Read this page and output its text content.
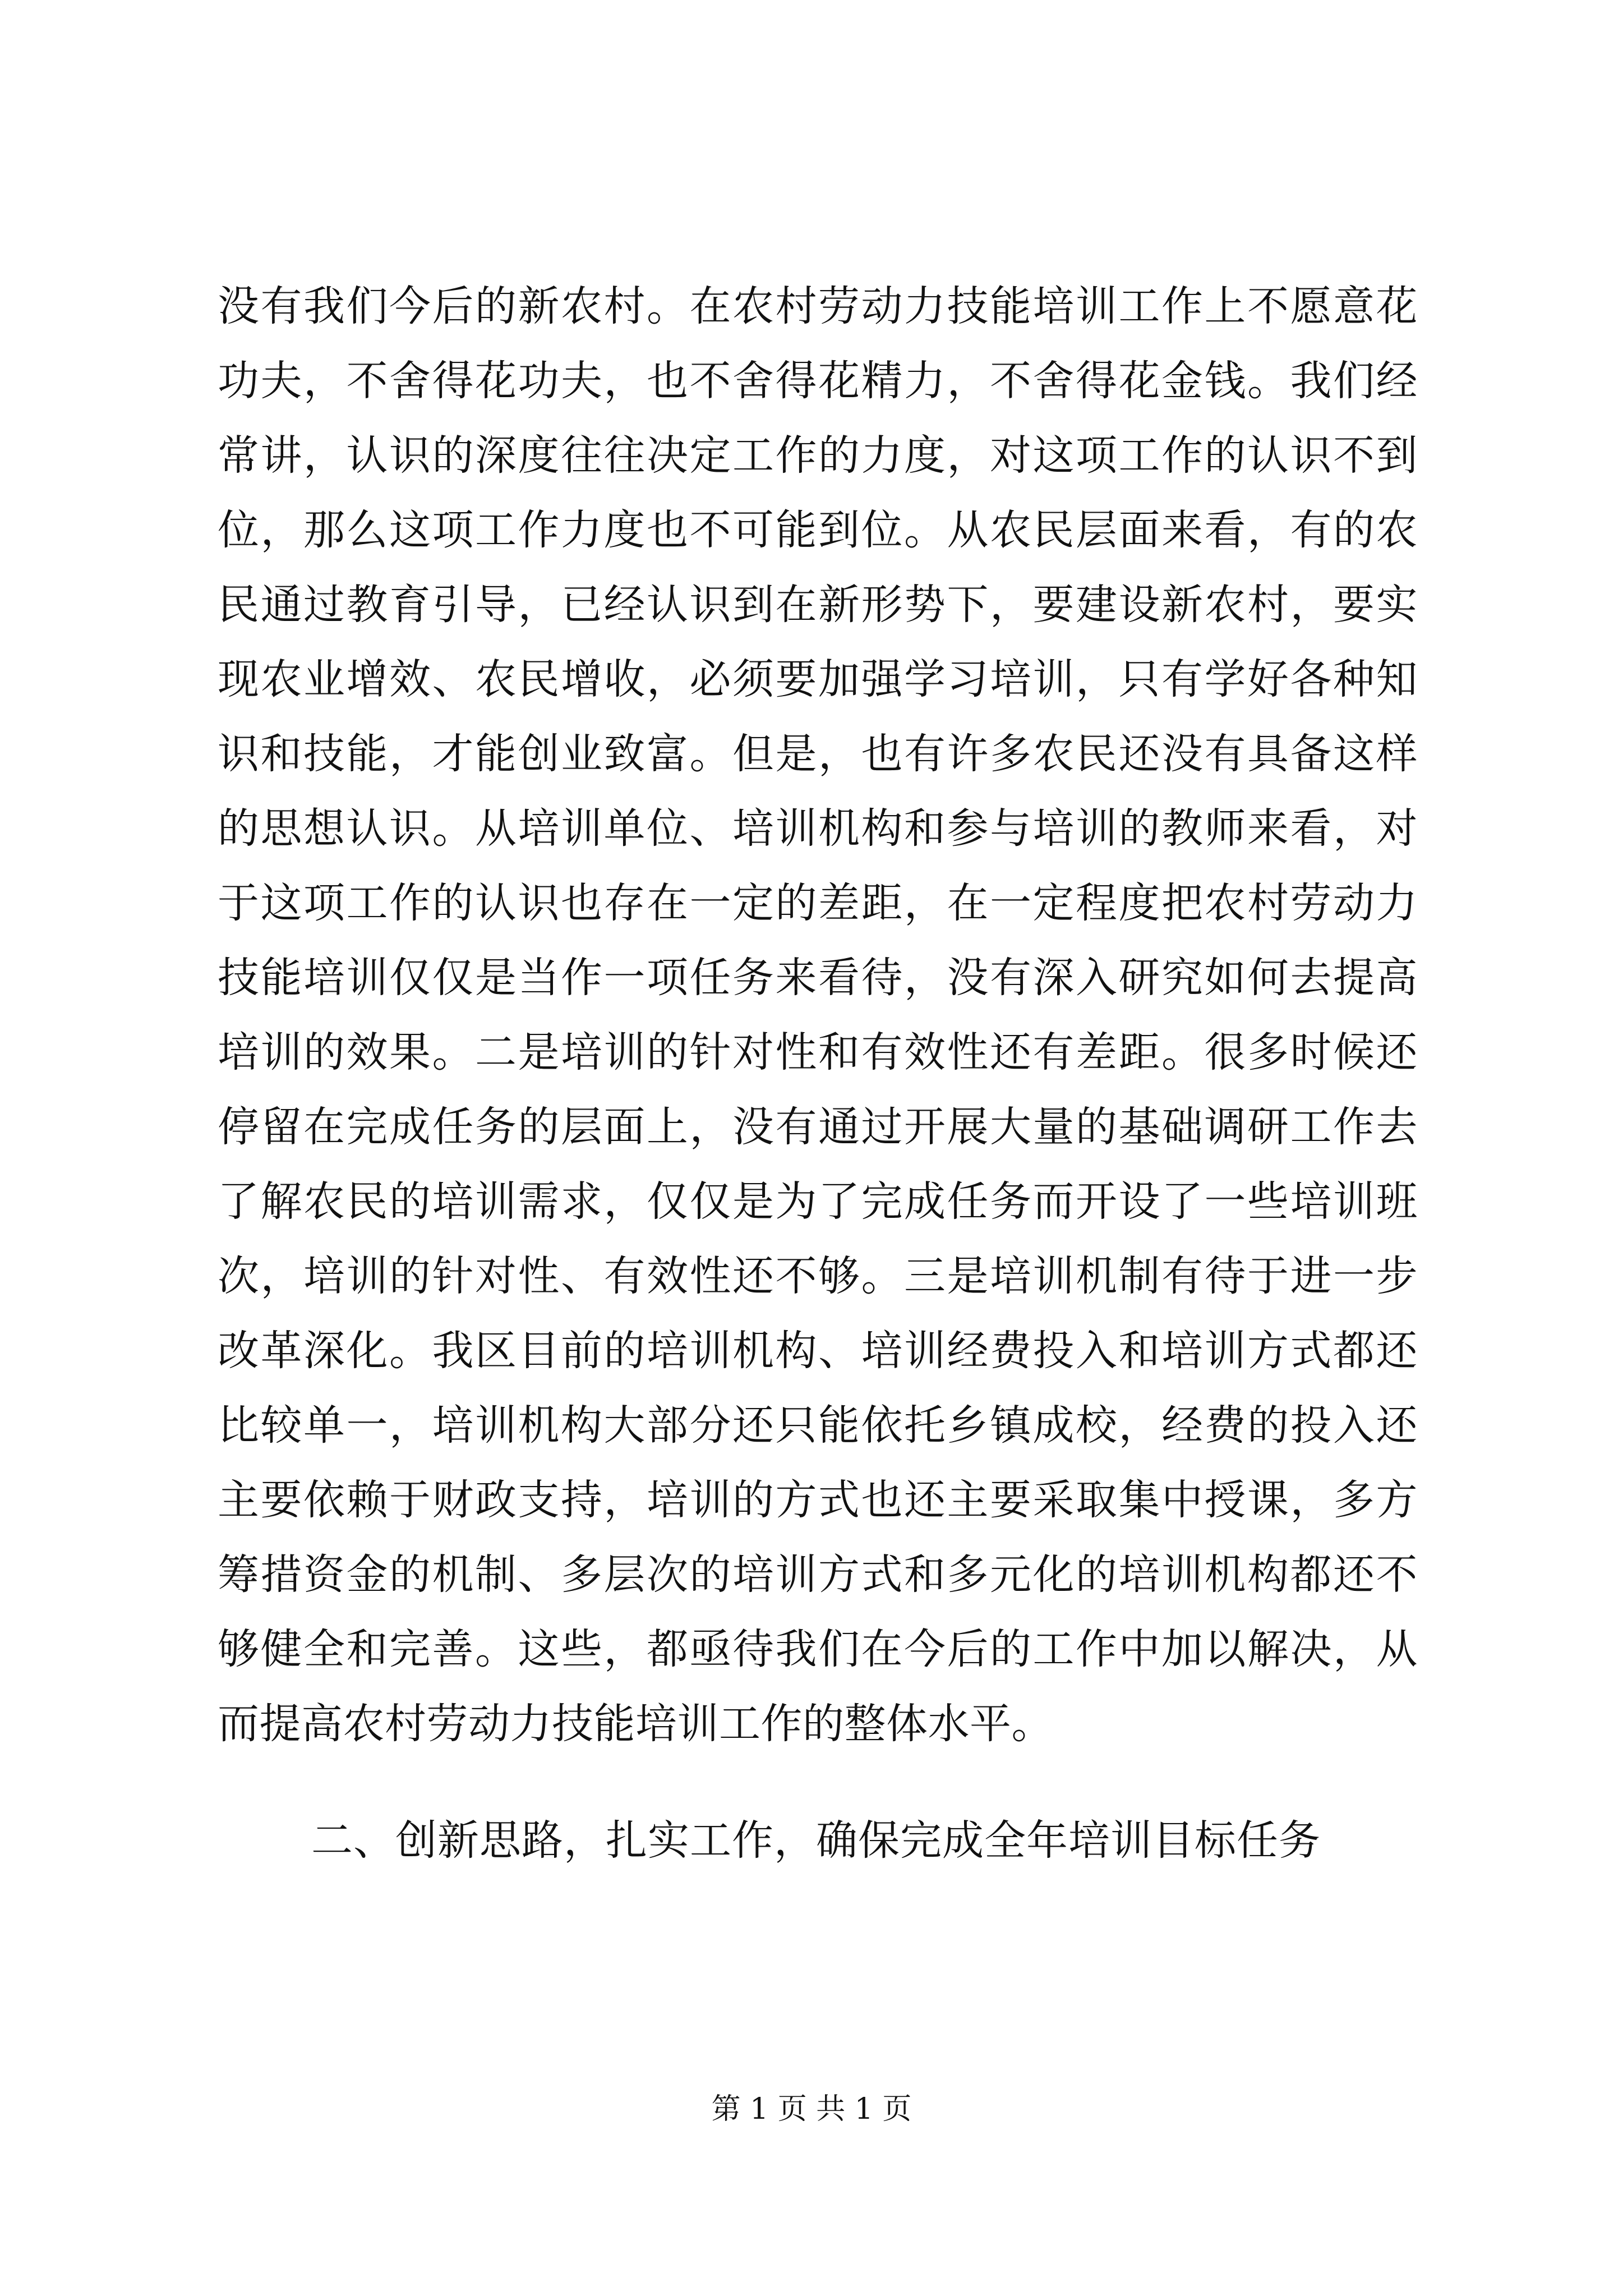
没有我们今后的新农村。在农村劳动力技能培训工作上不愿意花
功夫，不舍得花功夫，也不舍得花精力，不舍得花金钱。我们经
常讲，认识的深度往往决定工作的力度，对这项工作的认识不到
位，那么这项工作力度也不可能到位。从农民层面来看，有的农
民通过教育引导，已经认识到在新形势下，要建设新农村，要实
现农业增效、农民增收，必须要加强学习培训，只有学好各种知
识和技能，才能创业致富。但是，也有许多农民还没有具备这样
的思想认识。从培训单位、培训机构和参与培训的教师来看，对
于这项工作的认识也存在一定的差距，在一定程度把农村劳动力
技能培训仅仅是当作一项任务来看待，没有深入研究如何去提高
培训的效果。二是培训的针对性和有效性还有差距。很多时候还
停留在完成任务的层面上，没有通过开展大量的基础调研工作去
了解农民的培训需求，仅仅是为了完成任务而开设了一些培训班
次，培训的针对性、有效性还不够。三是培训机制有待于进一步
改革深化。我区目前的培训机构、培训经费投入和培训方式都还
比较单一，培训机构大部分还只能依托乡镇成校，经费的投入还
主要依赖于财政支持，培训的方式也还主要采取集中授课，多方
筹措资金的机制、多层次的培训方式和多元化的培训机构都还不
够健全和完善。这些，都亟待我们在今后的工作中加以解决，从
而提高农村劳动力技能培训工作的整体水平。
二、创新思路，扎实工作，确保完成全年培训目标任务
第 1 页 共 1 页
